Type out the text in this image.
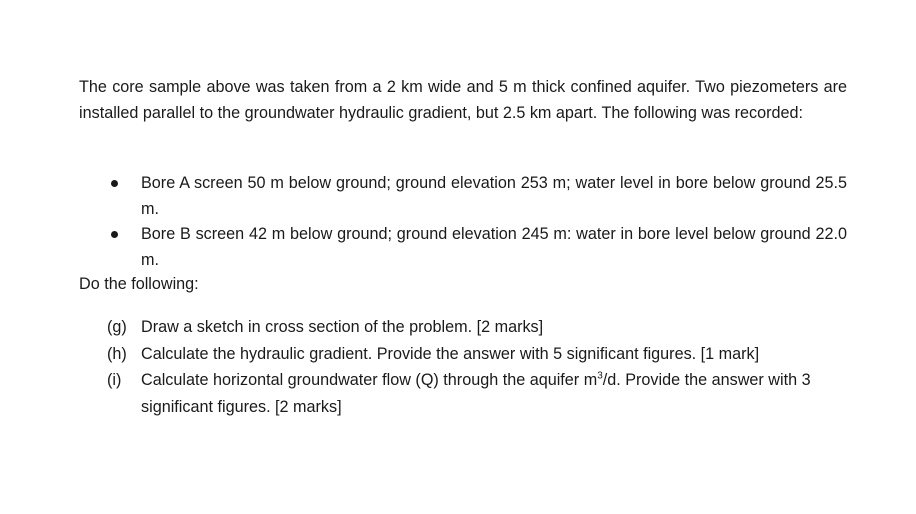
The core sample above was taken from a 2 km wide and 5 m thick confined aquifer. Two piezometers are installed parallel to the groundwater hydraulic gradient, but 2.5 km apart. The following was recorded:

Bore A screen 50 m below ground; ground elevation 253 m; water level in bore below ground 25.5 m.
Bore B screen 42 m below ground; ground elevation 245 m: water in bore level below ground 22.0 m.

Do the following:

(g) Draw a sketch in cross section of the problem. [2 marks]
(h) Calculate the hydraulic gradient. Provide the answer with 5 significant figures. [1 mark]
(i) Calculate horizontal groundwater flow (Q) through the aquifer $m^3/d$. Provide the answer with 3 significant figures. [2 marks]
